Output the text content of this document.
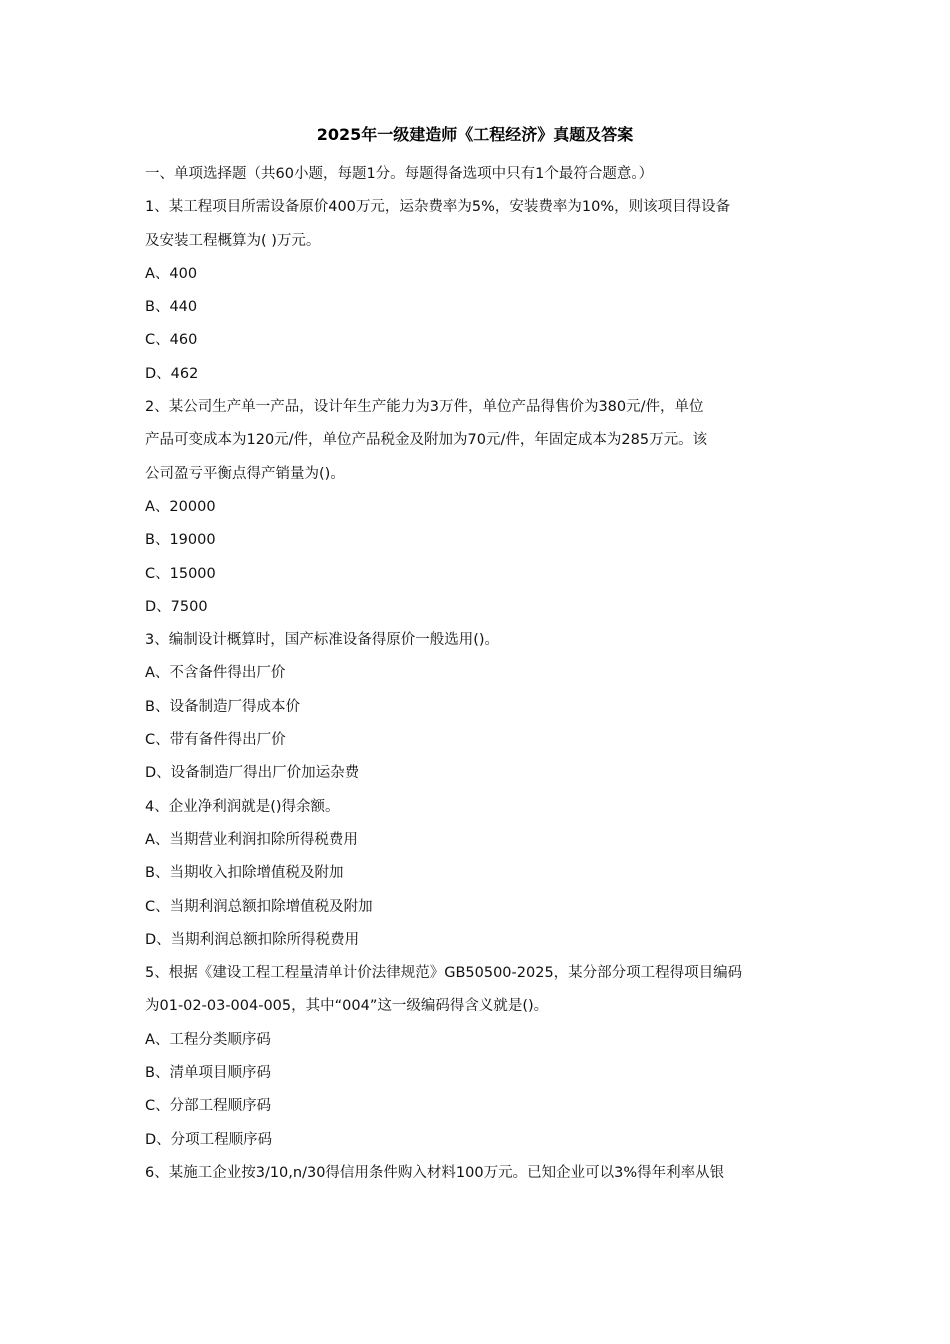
2025年一级建造师《工程经济》真题及答案
一、单项选择题（共60小题，每题1分。每题得备选项中只有1个最符合题意。）
1、某工程项目所需设备原价400万元，运杂费率为5%，安装费率为10%，则该项目得设备
及安装工程概算为( )万元。
A、400
B、440
C、460
D、462
2、某公司生产单一产品，设计年生产能力为3万件，单位产品得售价为380元/件，单位
产品可变成本为120元/件，单位产品税金及附加为70元/件，年固定成本为285万元。该
公司盈亏平衡点得产销量为()。
A、20000
B、19000
C、15000
D、7500
3、编制设计概算时，国产标准设备得原价一般选用()。
A、不含备件得出厂价
B、设备制造厂得成本价
C、带有备件得出厂价
D、设备制造厂得出厂价加运杂费
4、企业净利润就是()得余额。
A、当期营业利润扣除所得税费用
B、当期收入扣除增值税及附加
C、当期利润总额扣除增值税及附加
D、当期利润总额扣除所得税费用
5、根据《建设工程工程量清单计价法律规范》GB50500-2025，某分部分项工程得项目编码
为01-02-03-004-005，其中“004”这一级编码得含义就是()。
A、工程分类顺序码
B、清单项目顺序码
C、分部工程顺序码
D、分项工程顺序码
6、某施工企业按3/10,n/30得信用条件购入材料100万元。已知企业可以3%得年利率从银
